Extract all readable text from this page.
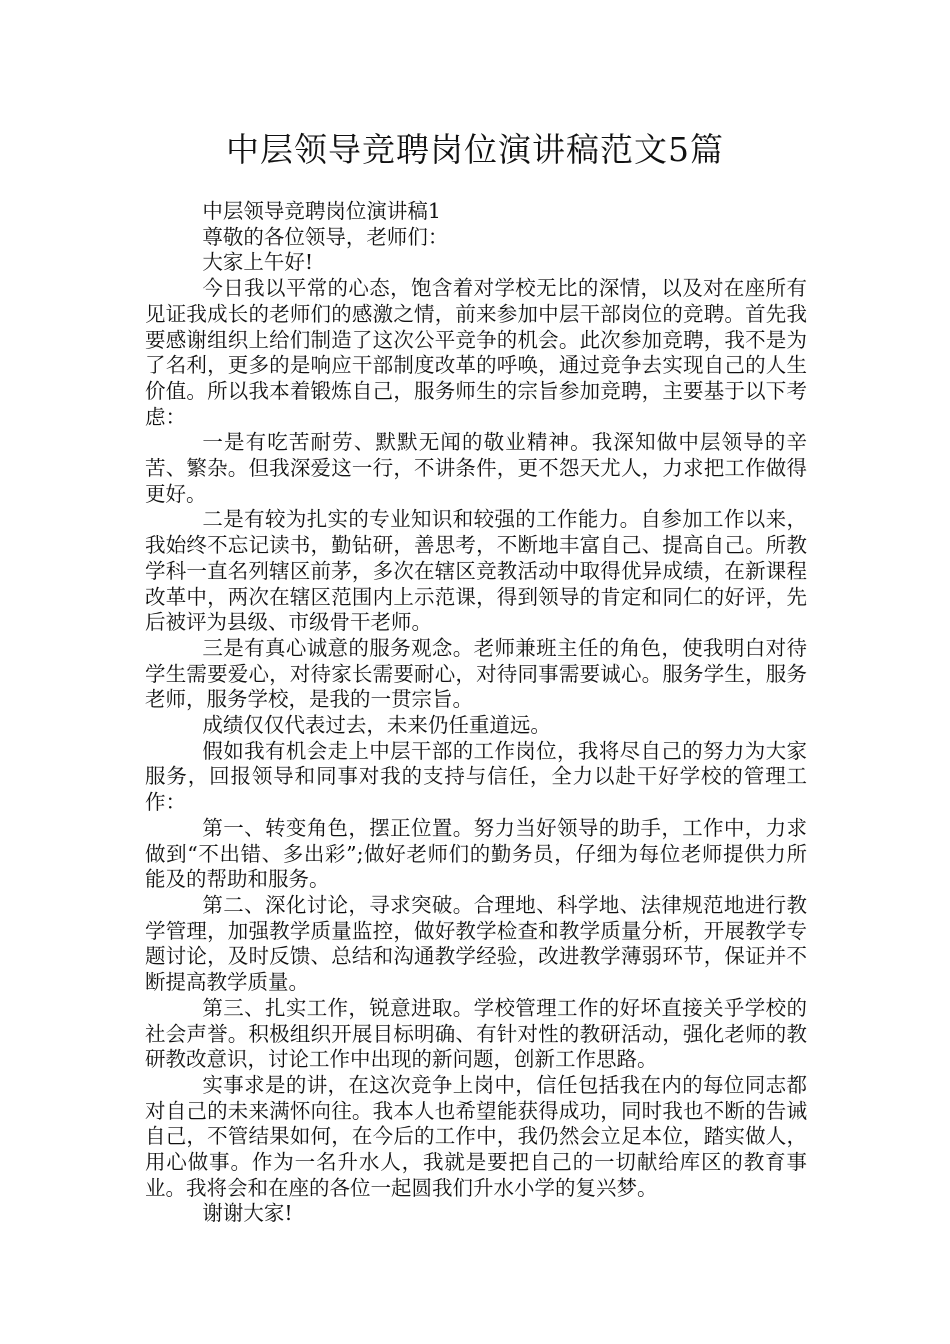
中层领导竞聘岗位演讲稿范文5篇

中层领导竞聘岗位演讲稿1

尊敬的各位领导，老师们：

大家上午好!

今日我以平常的心态，饱含着对学校无比的深情，以及对在座所有见证我成长的老师们的感激之情，前来参加中层干部岗位的竞聘。首先我要感谢组织上给们制造了这次公平竞争的机会。此次参加竞聘，我不是为了名利，更多的是响应干部制度改革的呼唤，通过竞争去实现自己的人生价值。所以我本着锻炼自己，服务师生的宗旨参加竞聘，主要基于以下考虑：

一是有吃苦耐劳、默默无闻的敬业精神。我深知做中层领导的辛苦、繁杂。但我深爱这一行，不讲条件，更不怨天尤人，力求把工作做得更好。

二是有较为扎实的专业知识和较强的工作能力。自参加工作以来，我始终不忘记读书，勤钻研，善思考，不断地丰富自己、提高自己。所教学科一直名列辖区前茅，多次在辖区竞教活动中取得优异成绩，在新课程改革中，两次在辖区范围内上示范课，得到领导的肯定和同仁的好评，先后被评为县级、市级骨干老师。

三是有真心诚意的服务观念。老师兼班主任的角色，使我明白对待学生需要爱心，对待家长需要耐心，对待同事需要诚心。服务学生，服务老师，服务学校，是我的一贯宗旨。

成绩仅仅代表过去，未来仍任重道远。

假如我有机会走上中层干部的工作岗位，我将尽自己的努力为大家服务，回报领导和同事对我的支持与信任，全力以赴干好学校的管理工作：

第一、转变角色，摆正位置。努力当好领导的助手，工作中，力求做到“不出错、多出彩”;做好老师们的勤务员，仔细为每位老师提供力所能及的帮助和服务。

第二、深化讨论，寻求突破。合理地、科学地、法律规范地进行教学管理，加强教学质量监控，做好教学检查和教学质量分析，开展教学专题讨论，及时反馈、总结和沟通教学经验，改进教学薄弱环节，保证并不断提高教学质量。

第三、扎实工作，锐意进取。学校管理工作的好坏直接关乎学校的社会声誉。积极组织开展目标明确、有针对性的教研活动，强化老师的教研教改意识，讨论工作中出现的新问题，创新工作思路。

实事求是的讲，在这次竞争上岗中，信任包括我在内的每位同志都对自己的未来满怀向往。我本人也希望能获得成功，同时我也不断的告诫自己，不管结果如何，在今后的工作中，我仍然会立足本位，踏实做人，用心做事。作为一名升水人，我就是要把自己的一切献给库区的教育事业。我将会和在座的各位一起圆我们升水小学的复兴梦。

谢谢大家!
